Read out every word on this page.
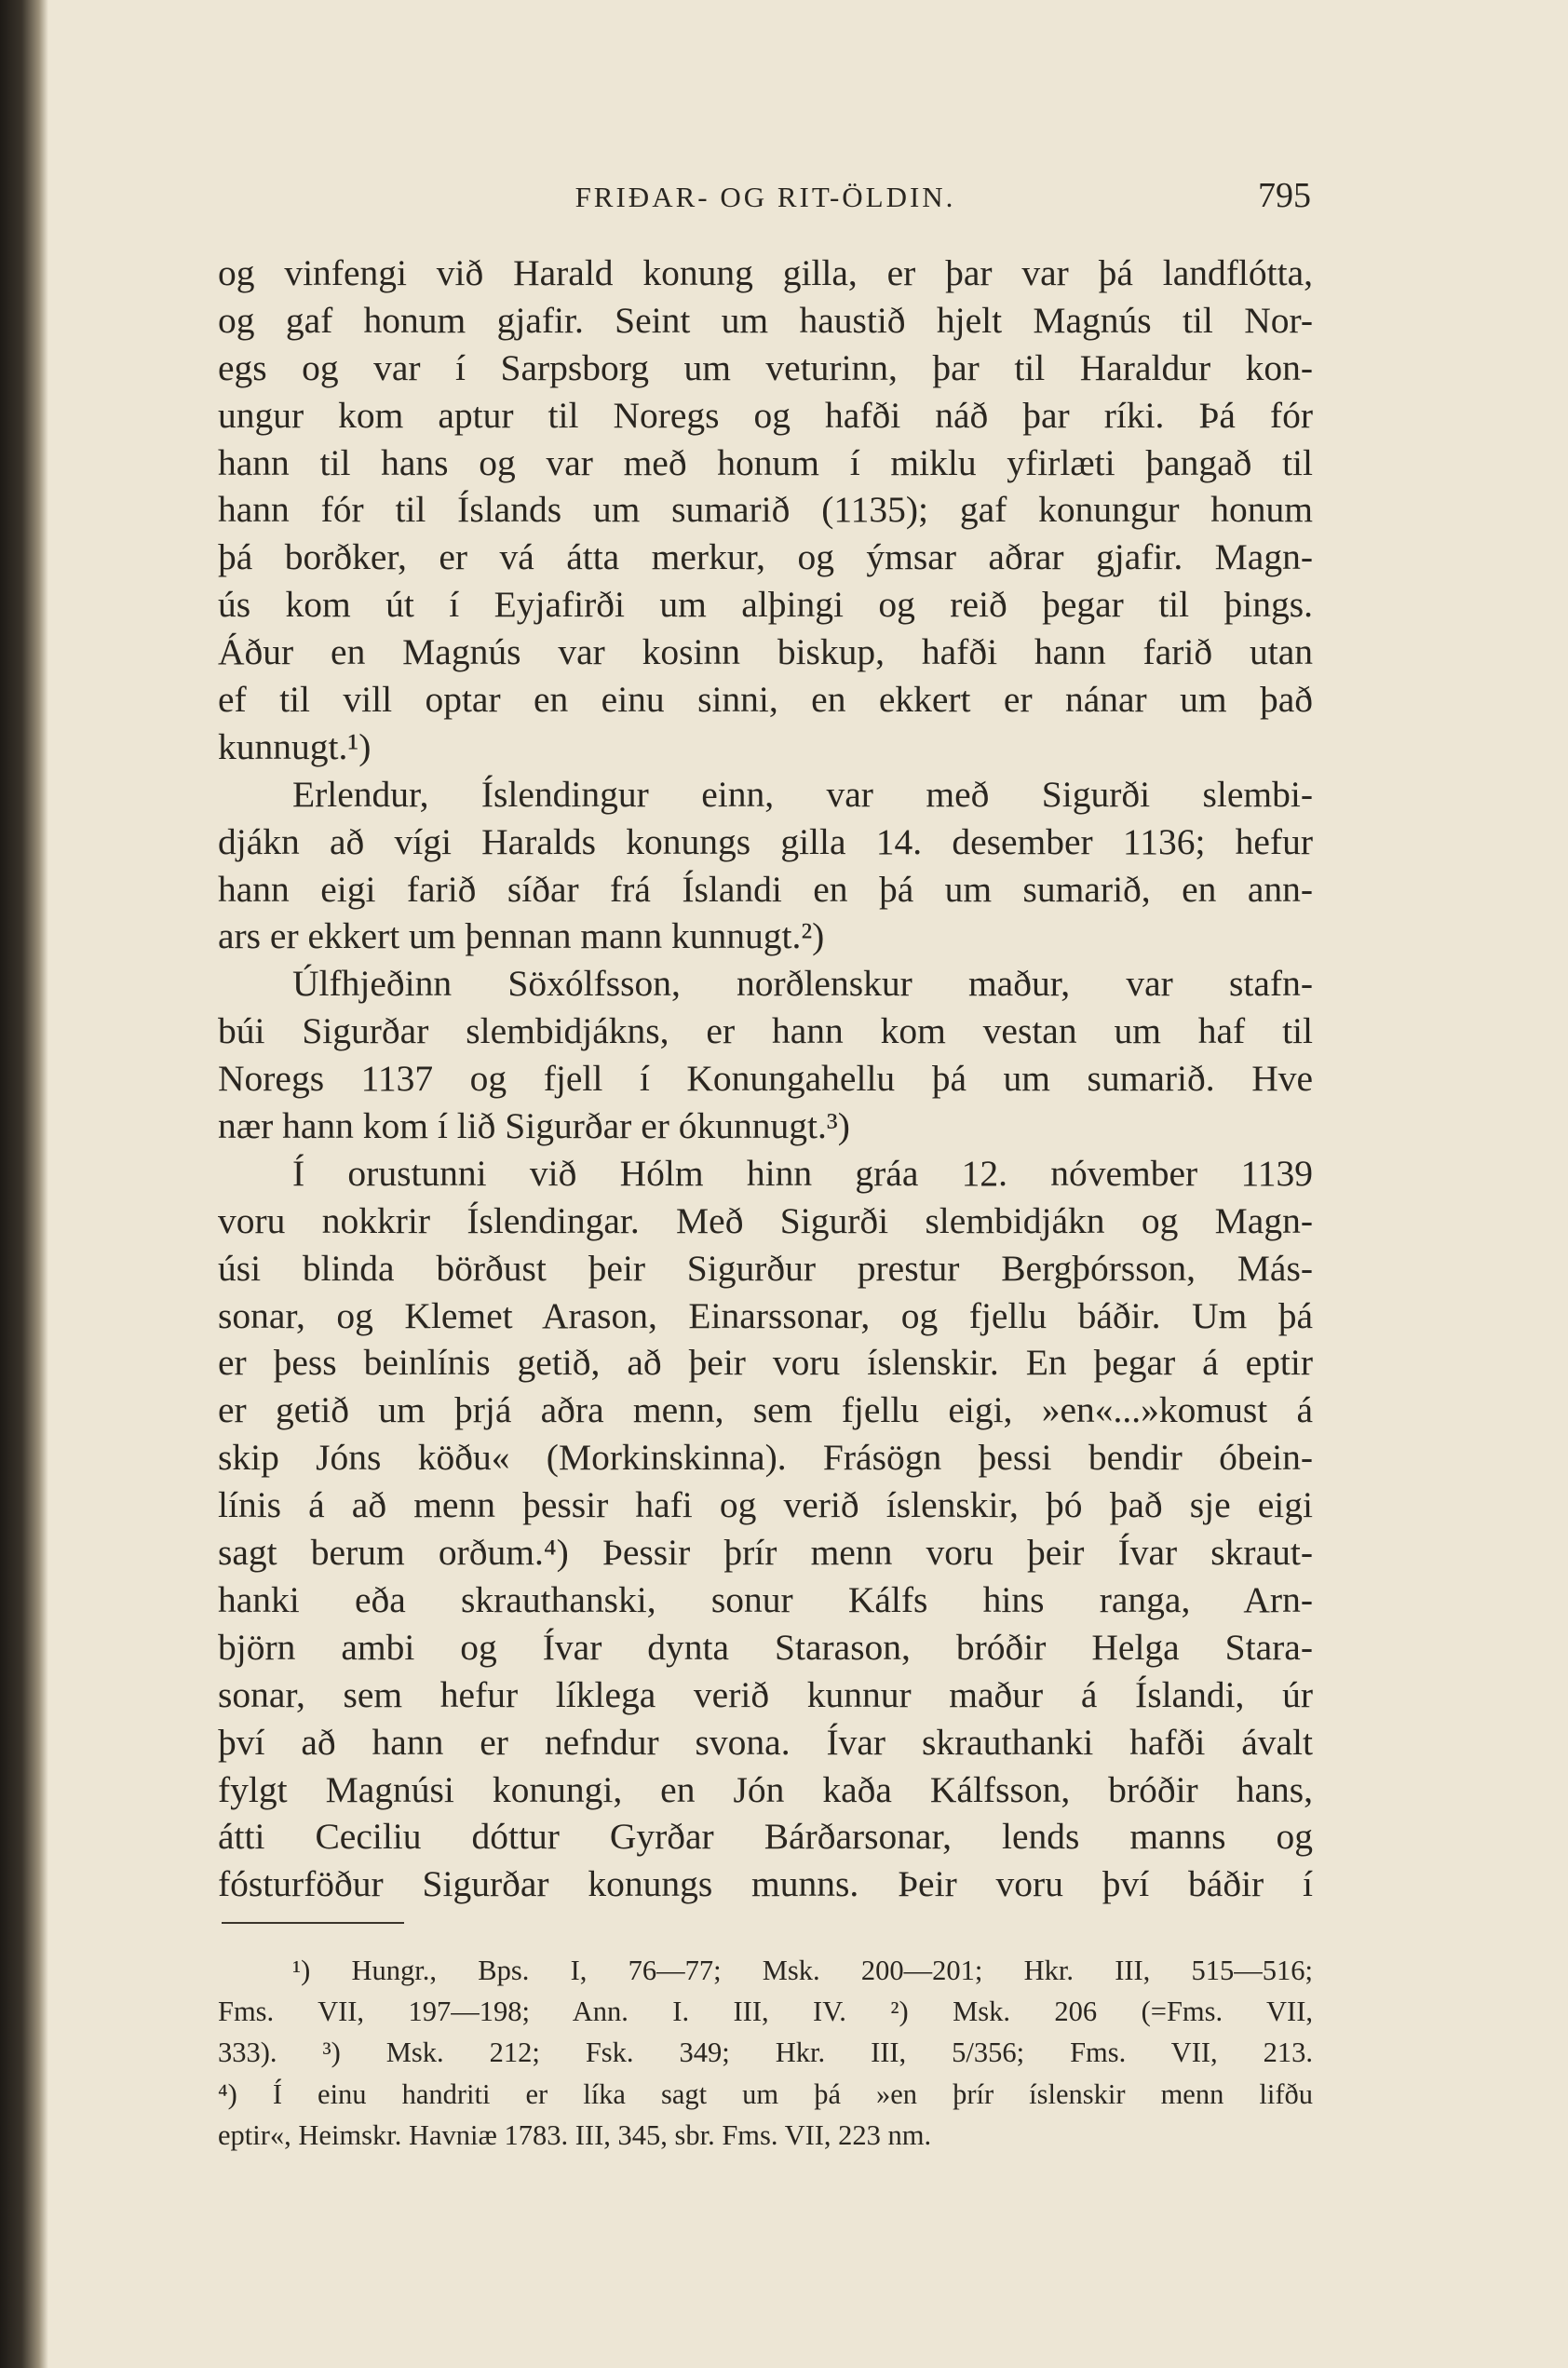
FRIÐAR- OG RIT-ÖLDIN.	795
og vinfengi við Harald konung gilla, er þar var þá landflótta,
og gaf honum gjafir. Seint um haustið hjelt Magnús til Nor-
egs og var í Sarpsborg um veturinn, þar til Haraldur kon-
ungur kom aptur til Noregs og hafði náð þar ríki. Þá fór
hann til hans og var með honum í miklu yfirlæti þangað til
hann fór til Íslands um sumarið (1135); gaf konungur honum
þá borðker, er vá átta merkur, og ýmsar aðrar gjafir. Magn-
ús kom út í Eyjafirði um alþingi og reið þegar til þings.
Áður en Magnús var kosinn biskup, hafði hann farið utan
ef til vill optar en einu sinni, en ekkert er nánar um það
kunnugt.¹)
Erlendur, Íslendingur einn, var með Sigurði slembi-
djákn að vígi Haralds konungs gilla 14. desember 1136; hefur
hann eigi farið síðar frá Íslandi en þá um sumarið, en ann-
ars er ekkert um þennan mann kunnugt.²)
Úlfhjeðinn Söxólfsson, norðlenskur maður, var stafn-
búi Sigurðar slembidjákns, er hann kom vestan um haf til
Noregs 1137 og fjell í Konungahellu þá um sumarið. Hve
nær hann kom í lið Sigurðar er ókunnugt.³)
Í orustunni við Hólm hinn gráa 12. nóvember 1139
voru nokkrir Íslendingar. Með Sigurði slembidjákn og Magn-
úsi blinda börðust þeir Sigurður prestur Bergþórsson, Más-
sonar, og Klemet Arason, Einarssonar, og fjellu báðir. Um þá
er þess beinlínis getið, að þeir voru íslenskir. En þegar á eptir
er getið um þrjá aðra menn, sem fjellu eigi, »en«...»komust á
skip Jóns köðu« (Morkinskinna). Frásögn þessi bendir óbein-
línis á að menn þessir hafi og verið íslenskir, þó það sje eigi
sagt berum orðum.⁴) Þessir þrír menn voru þeir Ívar skraut-
hanki eða skrauthanski, sonur Kálfs hins ranga, Arn-
björn ambi og Ívar dynta Starason, bróðir Helga Stara-
sonar, sem hefur líklega verið kunnur maður á Íslandi, úr
því að hann er nefndur svona. Ívar skrauthanki hafði ávalt
fylgt Magnúsi konungi, en Jón kaða Kálfsson, bróðir hans,
átti Ceciliu dóttur Gyrðar Bárðarsonar, lends manns og
fósturföður Sigurðar konungs munns. Þeir voru því báðir í
¹) Hungr., Bps. I, 76—77; Msk. 200—201; Hkr. III, 515—516;
Fms. VII, 197—198; Ann. I. III, IV. ²) Msk. 206 (=Fms. VII,
333). ³) Msk. 212; Fsk. 349; Hkr. III, 5/356; Fms. VII, 213.
⁴) Í einu handriti er líka sagt um þá »en þrír íslenskir menn lifðu
eptir«, Heimskr. Havniæ 1783. III, 345, sbr. Fms. VII, 223 nm.
